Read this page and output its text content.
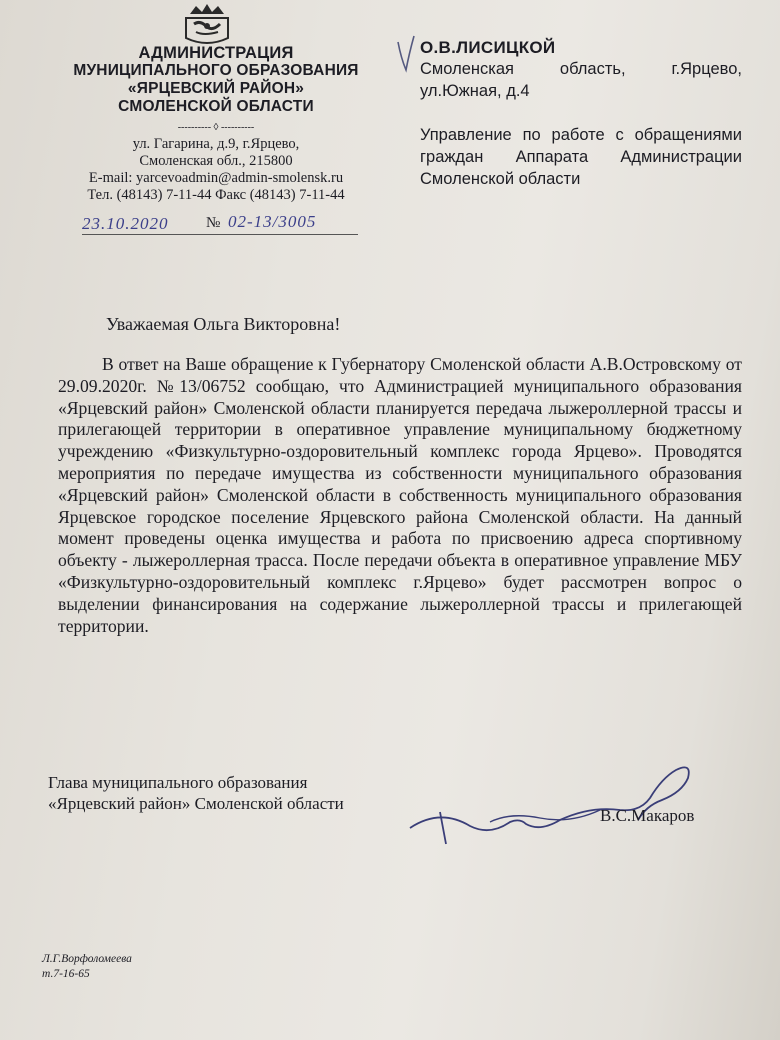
АДМИНИСТРАЦИЯ
МУНИЦИПАЛЬНОГО ОБРАЗОВАНИЯ
«ЯРЦЕВСКИЙ РАЙОН»
СМОЛЕНСКОЙ ОБЛАСТИ
---------- ◊ ----------
ул. Гагарина, д.9, г.Ярцево,
Смоленская обл., 215800
E-mail: yarcevoadmin@admin-smolensk.ru
Тел. (48143) 7-11-44 Факс (48143) 7-11-44
23.10.2020	№ 02-13/3005
О.В.ЛИСИЦКОЙ
Смоленская область, г.Ярцево,
ул.Южная, д.4
Управление по работе с обращениями граждан Аппарата Администрации Смоленской области
Уважаемая Ольга Викторовна!

В ответ на Ваше обращение к Губернатору Смоленской области А.В.Островскому от 29.09.2020г. №13/06752 сообщаю, что Администрацией муниципального образования «Ярцевский район» Смоленской области планируется передача лыжероллерной трассы и прилегающей территории в оперативное управление муниципальному бюджетному учреждению «Физкультурно-оздоровительный комплекс города Ярцево». Проводятся мероприятия по передаче имущества из собственности муниципального образования «Ярцевский район» Смоленской области в собственность муниципального образования Ярцевское городское поселение Ярцевского района Смоленской области. На данный момент проведены оценка имущества и работа по присвоению адреса спортивному объекту - лыжероллерная трасса. После передачи объекта в оперативное управление МБУ «Физкультурно-оздоровительный комплекс г.Ярцево» будет рассмотрен вопрос о выделении финансирования на содержание лыжероллерной трассы и прилегающей территории.

Глава муниципального образования
«Ярцевский район» Смоленской области
В.С.Макаров
Л.Г.Ворфоломеева
т.7-16-65
